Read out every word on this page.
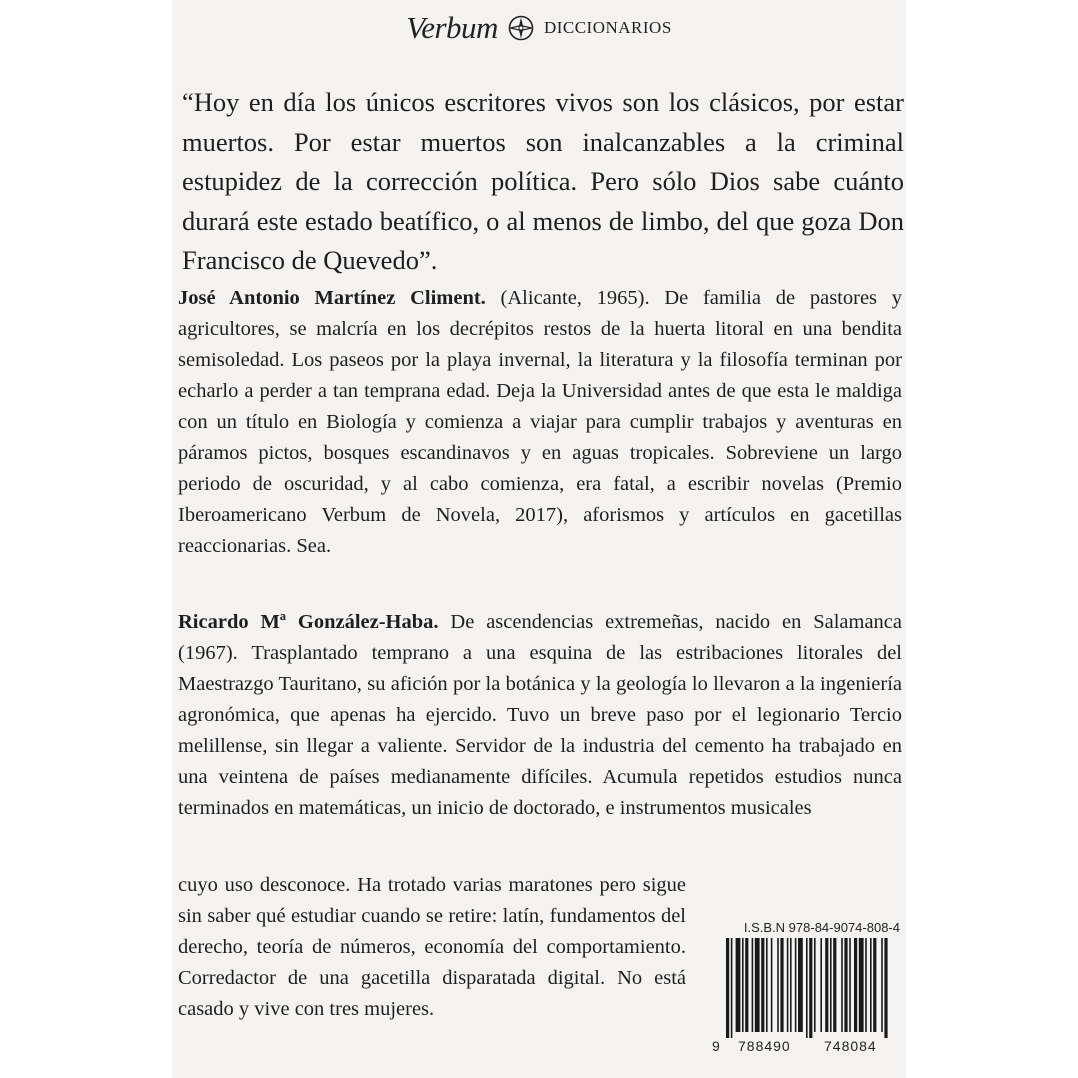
Verbum	DICCIONARIOS

“Hoy en día los únicos escritores vivos son los clásicos, por estar muertos. Por estar muertos son inalcanzables a la criminal estupidez de la corrección política. Pero sólo Dios sabe cuánto durará este estado beatífico, o al menos de limbo, del que goza Don Francisco de Quevedo”.

José Antonio Martínez Climent. (Alicante, 1965). De familia de pastores y agricultores, se malcría en los decrépitos restos de la huerta litoral en una bendita semisoledad. Los paseos por la playa invernal, la literatura y la filosofía terminan por echarlo a perder a tan temprana edad. Deja la Universidad antes de que esta le maldiga con un título en Biología y comienza a viajar para cumplir trabajos y aventuras en páramos pictos, bosques escandinavos y en aguas tropicales. Sobreviene un largo periodo de oscuridad, y al cabo comienza, era fatal, a escribir novelas (Premio Iberoamericano Verbum de Novela, 2017), aforismos y artículos en gacetillas reaccionarias. Sea.

Ricardo Mª González-Haba. De ascendencias extremeñas, nacido en Salamanca (1967). Trasplantado temprano a una esquina de las estribaciones litorales del Maestrazgo Tauritano, su afición por la botánica y la geología lo llevaron a la ingeniería agronómica, que apenas ha ejercido. Tuvo un breve paso por el legionario Tercio melillense, sin llegar a valiente. Servidor de la industria del cemento ha trabajado en una veintena de países medianamente difíciles. Acumula repetidos estudios nunca terminados en matemáticas, un inicio de doctorado, e instrumentos musicales

cuyo uso desconoce. Ha trotado varias maratones pero sigue sin saber qué estudiar cuando se retire: latín, fundamentos del derecho, teoría de números, economía del comportamiento. Corredactor de una gacetilla disparatada digital. No está casado y vive con tres mujeres.

I.S.B.N 978-84-9074-808-4
9 788490 748084
